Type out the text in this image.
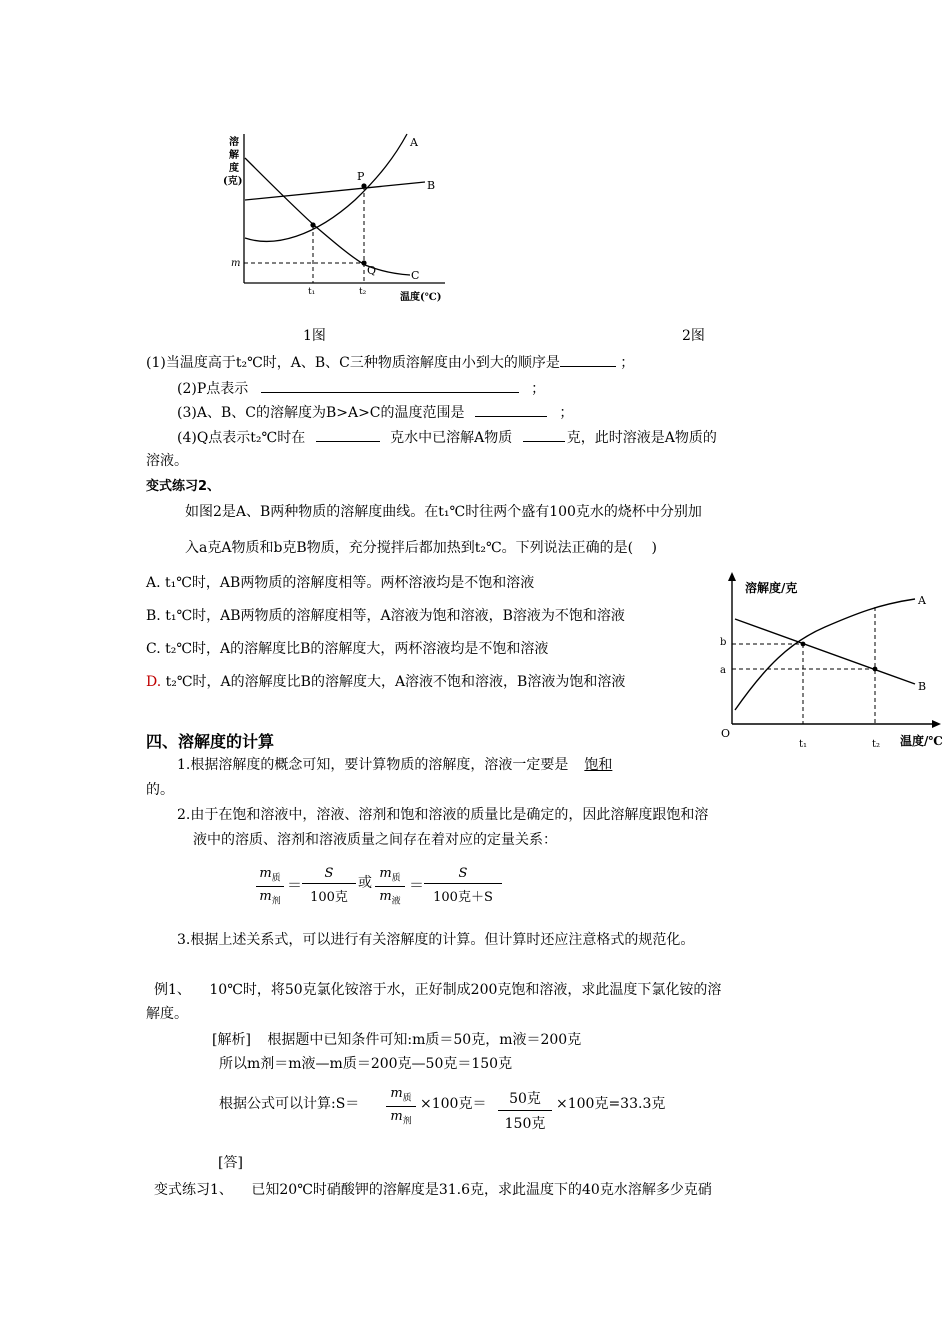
溶
解
度
(克)
A
B
C
P
Q
m
t₁	t₂	温度(℃)
1图	2图
(1)当温度高于t₂℃时，A、B、C三种物质溶解度由小到大的顺序是	；
(2)P点表示	；
(3)A、B、C的溶解度为B>A>C的温度范围是	；
(4)Q点表示t₂℃时在	克水中已溶解A物质	克，此时溶液是A物质的
溶液。
变式练习2、
如图2是A、B两种物质的溶解度曲线。在t₁℃时往两个盛有100克水的烧杯中分别加
入a克A物质和b克B物质，充分搅拌后都加热到t₂℃。下列说法正确的是(　 )
A. t₁℃时，AB两物质的溶解度相等。两杯溶液均是不饱和溶液
B. t₁℃时，AB两物质的溶解度相等，A溶液为饱和溶液，B溶液为不饱和溶液
C. t₂℃时，A的溶解度比B的溶解度大，两杯溶液均是不饱和溶液
D. t₂℃时，A的溶解度比B的溶解度大，A溶液不饱和溶液，B溶液为饱和溶液
溶解度/克
A
B
b
a
O
t₁	t₂ 温度/℃
四、溶解度的计算
1.根据溶解度的概念可知，要计算物质的溶解度，溶液一定要是 饱和
的。
2.由于在饱和溶液中，溶液、溶剂和饱和溶液的质量比是确定的，因此溶解度跟饱和溶
液中的溶质、溶剂和溶液质量之间存在着对应的定量关系：
$m_质$
$m_剂$
＝
S
100克
或
$m_质$
$m_液$
＝
S
100克＋S
3.根据上述关系式，可以进行有关溶解度的计算。但计算时还应注意格式的规范化。
例1、 10℃时，将50克氯化铵溶于水，正好制成200克饱和溶液，求此温度下氯化铵的溶
解度。
[解析] 根据题中已知条件可知:m质＝50克，m液＝200克
所以m剂＝m液—m质＝200克—50克＝150克
根据公式可以计算:S＝
$m_质$
$m_剂$
×100克＝	50克
150克
×100克=33.3克
[答]
变式练习1、 已知20℃时硝酸钾的溶解度是31.6克，求此温度下的40克水溶解多少克硝
